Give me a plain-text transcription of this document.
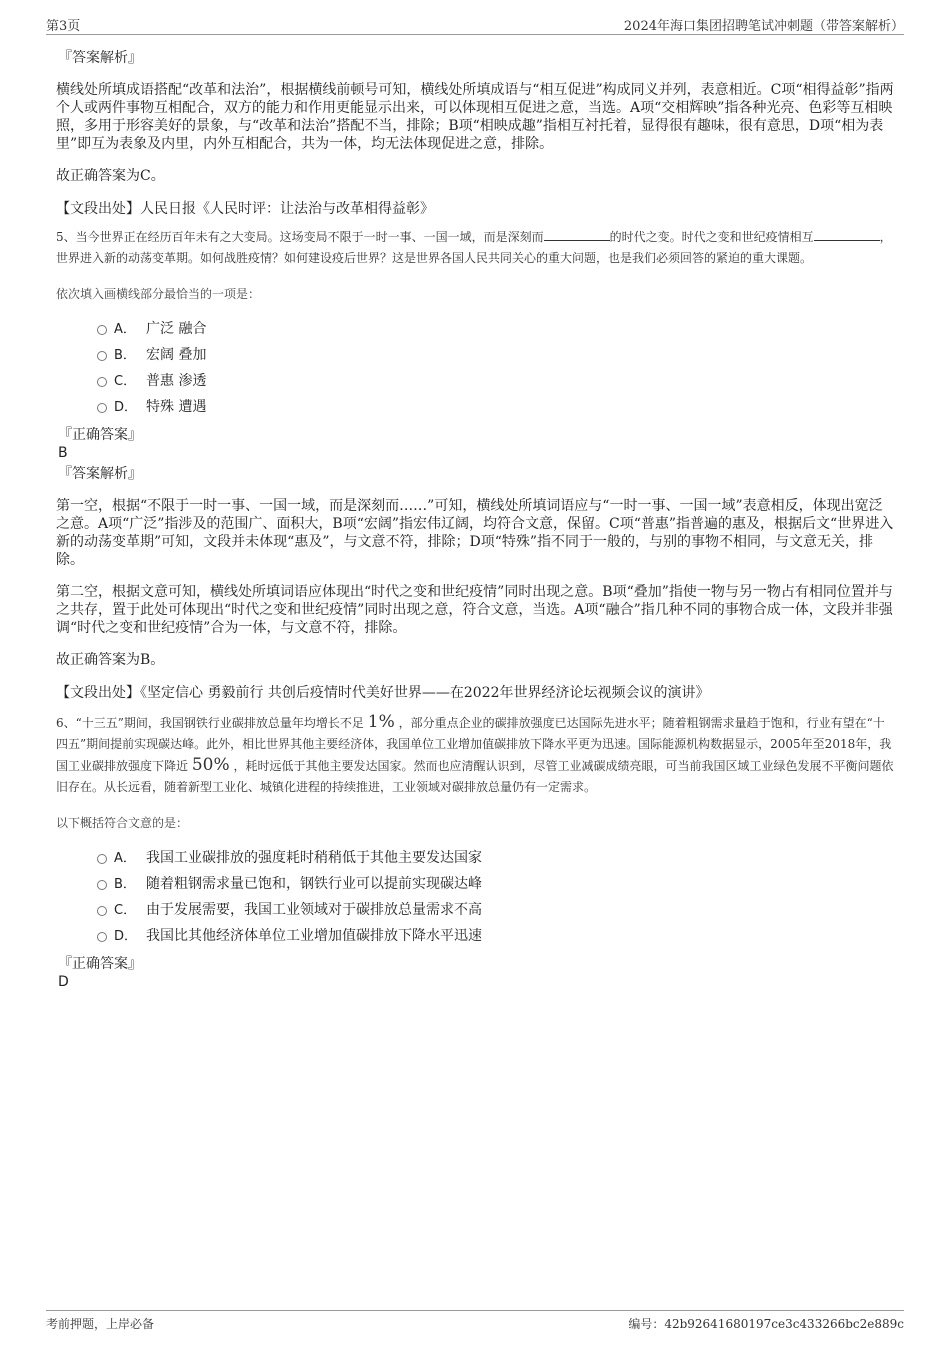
第3页	2024年海口集团招聘笔试冲刺题（带答案解析）

『答案解析』

横线处所填成语搭配“改革和法治”，根据横线前顿号可知，横线处所填成语与“相互促进”构成同义并列，表意相近。C项“相得益彰”指两个人或两件事物互相配合，双方的能力和作用更能显示出来，可以体现相互促进之意，当选。A项“交相辉映”指各种光亮、色彩等互相映照，多用于形容美好的景象，与“改革和法治”搭配不当，排除；B项“相映成趣”指相互衬托着，显得很有趣味，很有意思，D项“相为表里”即互为表象及内里，内外互相配合，共为一体，均无法体现促进之意，排除。

故正确答案为C。

【文段出处】人民日报《人民时评：让法治与改革相得益彰》

5、当今世界正在经历百年未有之大变局。这场变局不限于一时一事、一国一域，而是深刻而	的时代之变。时代之变和世纪疫情相互	，世界进入新的动荡变革期。如何战胜疫情？如何建设疫后世界？这是世界各国人民共同关心的重大问题，也是我们必须回答的紧迫的重大课题。

依次填入画横线部分最恰当的一项是：

A． 广泛 融合
B． 宏阔 叠加
C． 普惠 渗透
D． 特殊 遭遇

『正确答案』

B

『答案解析』

第一空，根据“不限于一时一事、一国一域，而是深刻而……”可知，横线处所填词语应与“一时一事、一国一域”表意相反，体现出宽泛之意。A项“广泛”指涉及的范围广、面积大，B项“宏阔”指宏伟辽阔，均符合文意，保留。C项“普惠”指普遍的惠及，根据后文“世界进入新的动荡变革期”可知，文段并未体现“惠及”，与文意不符，排除；D项“特殊”指不同于一般的，与别的事物不相同，与文意无关，排除。

第二空，根据文意可知，横线处所填词语应体现出“时代之变和世纪疫情”同时出现之意。B项“叠加”指使一物与另一物占有相同位置并与之共存，置于此处可体现出“时代之变和世纪疫情”同时出现之意，符合文意，当选。A项“融合”指几种不同的事物合成一体，文段并非强调“时代之变和世纪疫情”合为一体，与文意不符，排除。

故正确答案为B。

【文段出处】《坚定信心 勇毅前行 共创后疫情时代美好世界——在2022年世界经济论坛视频会议的演讲》

6、“十三五”期间，我国钢铁行业碳排放总量年均增长不足 1% ，部分重点企业的碳排放强度已达国际先进水平；随着粗钢需求量趋于饱和，行业有望在“十四五”期间提前实现碳达峰。此外，相比世界其他主要经济体，我国单位工业增加值碳排放下降水平更为迅速。国际能源机构数据显示，2005年至2018年，我国工业碳排放强度下降近 50% ，耗时远低于其他主要发达国家。然而也应清醒认识到，尽管工业减碳成绩亮眼，可当前我国区域工业绿色发展不平衡问题依旧存在。从长远看，随着新型工业化、城镇化进程的持续推进，工业领域对碳排放总量仍有一定需求。

以下概括符合文意的是：

A． 我国工业碳排放的强度耗时稍稍低于其他主要发达国家
B． 随着粗钢需求量已饱和，钢铁行业可以提前实现碳达峰
C． 由于发展需要，我国工业领域对于碳排放总量需求不高
D． 我国比其他经济体单位工业增加值碳排放下降水平迅速

『正确答案』

D

考前押题，上岸必备	编号：42b92641680197ce3c433266bc2e889c
